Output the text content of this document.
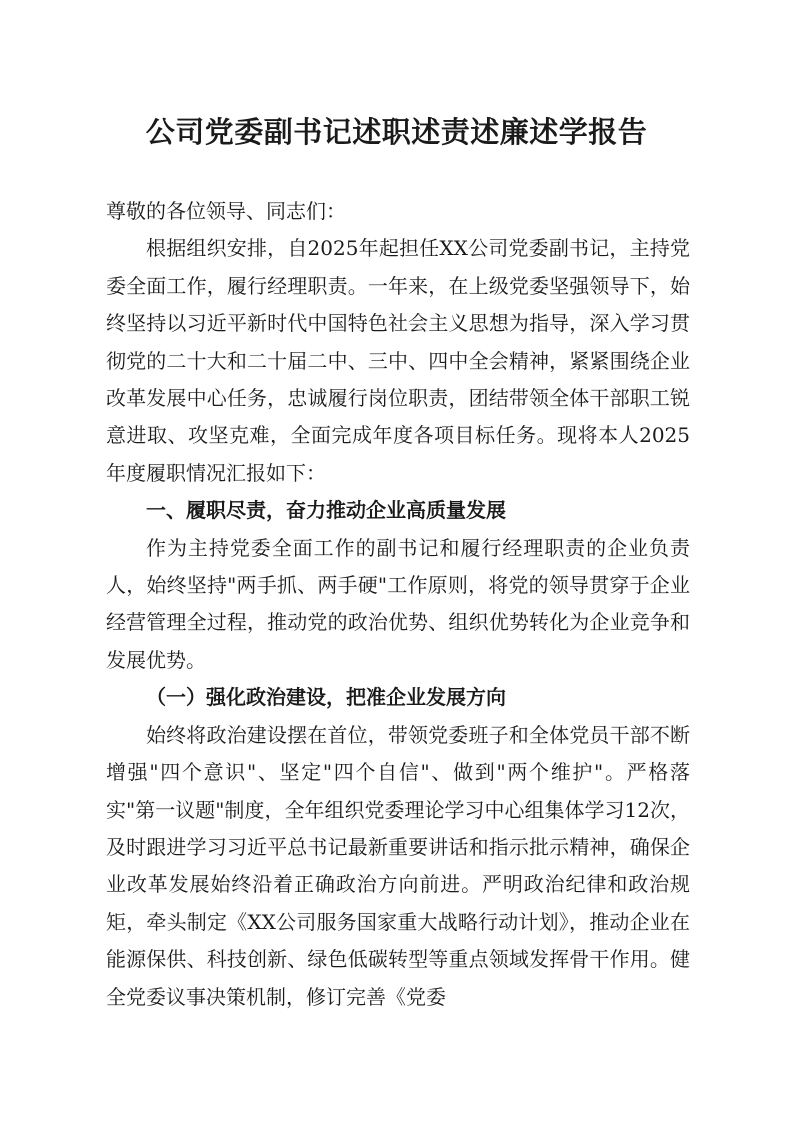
公司党委副书记述职述责述廉述学报告

尊敬的各位领导、同志们：

根据组织安排，自2025年起担任XX公司党委副书记，主持党委全面工作，履行经理职责。一年来，在上级党委坚强领导下，始终坚持以习近平新时代中国特色社会主义思想为指导，深入学习贯彻党的二十大和二十届二中、三中、四中全会精神，紧紧围绕企业改革发展中心任务，忠诚履行岗位职责，团结带领全体干部职工锐意进取、攻坚克难，全面完成年度各项目标任务。现将本人2025年度履职情况汇报如下：

一、履职尽责，奋力推动企业高质量发展

作为主持党委全面工作的副书记和履行经理职责的企业负责人，始终坚持"两手抓、两手硬"工作原则，将党的领导贯穿于企业经营管理全过程，推动党的政治优势、组织优势转化为企业竞争和发展优势。

（一）强化政治建设，把准企业发展方向

始终将政治建设摆在首位，带领党委班子和全体党员干部不断增强"四个意识"、坚定"四个自信"、做到"两个维护"。严格落实"第一议题"制度，全年组织党委理论学习中心组集体学习12次，及时跟进学习习近平总书记最新重要讲话和指示批示精神，确保企业改革发展始终沿着正确政治方向前进。严明政治纪律和政治规矩，牵头制定《XX公司服务国家重大战略行动计划》，推动企业在能源保供、科技创新、绿色低碳转型等重点领域发挥骨干作用。健全党委议事决策机制，修订完善《党委
